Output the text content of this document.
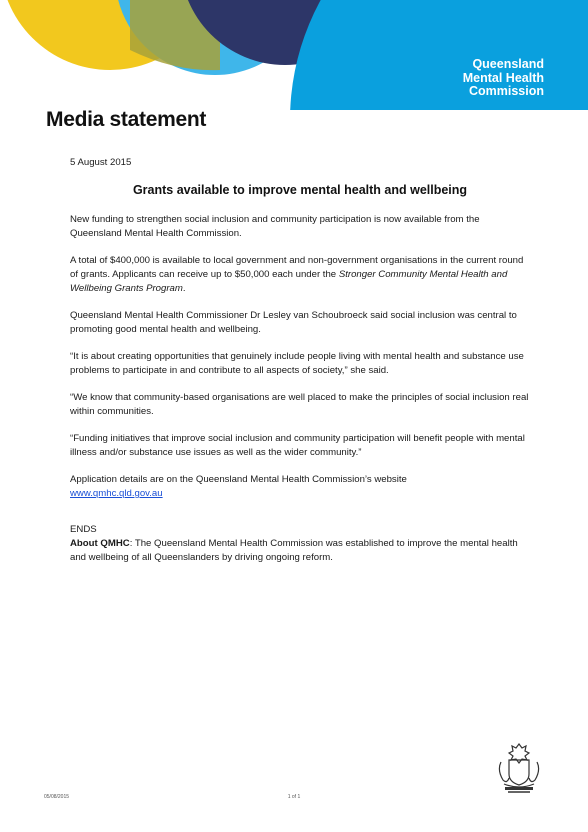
Queensland
Mental Health
Commission
Media statement

5 August 2015

Grants available to improve mental health and wellbeing

New funding to strengthen social inclusion and community participation is now available from the Queensland Mental Health Commission.

A total of $400,000 is available to local government and non-government organisations in the current round of grants. Applicants can receive up to $50,000 each under the Stronger Community Mental Health and Wellbeing Grants Program.

Queensland Mental Health Commissioner Dr Lesley van Schoubroeck said social inclusion was central to promoting good mental health and wellbeing.

“It is about creating opportunities that genuinely include people living with mental health and substance use problems to participate in and contribute to all aspects of society,” she said.

“We know that community-based organisations are well placed to make the principles of social inclusion real within communities.

“Funding initiatives that improve social inclusion and community participation will benefit people with mental illness and/or substance use issues as well as the wider community.”

Application details are on the Queensland Mental Health Commission’s website
www.qmhc.qld.gov.au

ENDS

About QMHC: The Queensland Mental Health Commission was established to improve the mental health and wellbeing of all Queenslanders by driving ongoing reform.

05/08/2015	1 of 1
